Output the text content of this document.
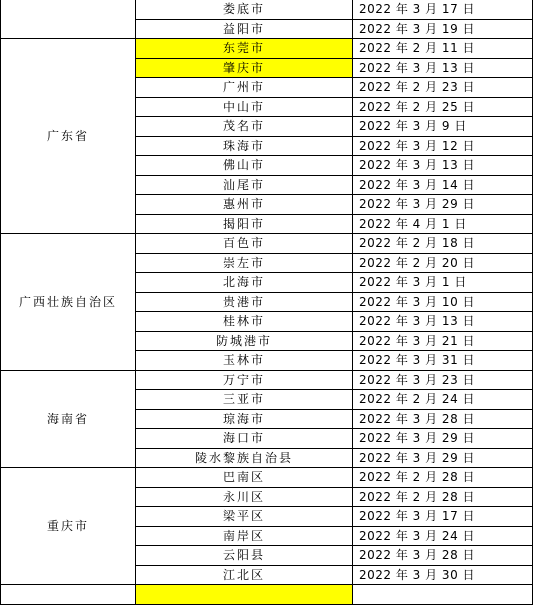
	娄底市	2022 年 3 月 17 日
	益阳市	2022 年 3 月 19 日
广东省	东莞市	2022 年 2 月 11 日
	肇庆市	2022 年 3 月 13 日
	广州市	2022 年 2 月 23 日
	中山市	2022 年 2 月 25 日
	茂名市	2022 年 3 月 9 日
	珠海市	2022 年 3 月 12 日
	佛山市	2022 年 3 月 13 日
	汕尾市	2022 年 3 月 14 日
	惠州市	2022 年 3 月 29 日
	揭阳市	2022 年 4 月 1 日
广西壮族自治区	百色市	2022 年 2 月 18 日
	崇左市	2022 年 2 月 20 日
	北海市	2022 年 3 月 1 日
	贵港市	2022 年 3 月 10 日
	桂林市	2022 年 3 月 13 日
	防城港市	2022 年 3 月 21 日
	玉林市	2022 年 3 月 31 日
海南省	万宁市	2022 年 3 月 23 日
	三亚市	2022 年 2 月 24 日
	琼海市	2022 年 3 月 28 日
	海口市	2022 年 3 月 29 日
	陵水黎族自治县	2022 年 3 月 29 日
重庆市	巴南区	2022 年 2 月 28 日
	永川区	2022 年 2 月 28 日
	梁平区	2022 年 3 月 17 日
	南岸区	2022 年 3 月 24 日
	云阳县	2022 年 3 月 28 日
	江北区	2022 年 3 月 30 日
